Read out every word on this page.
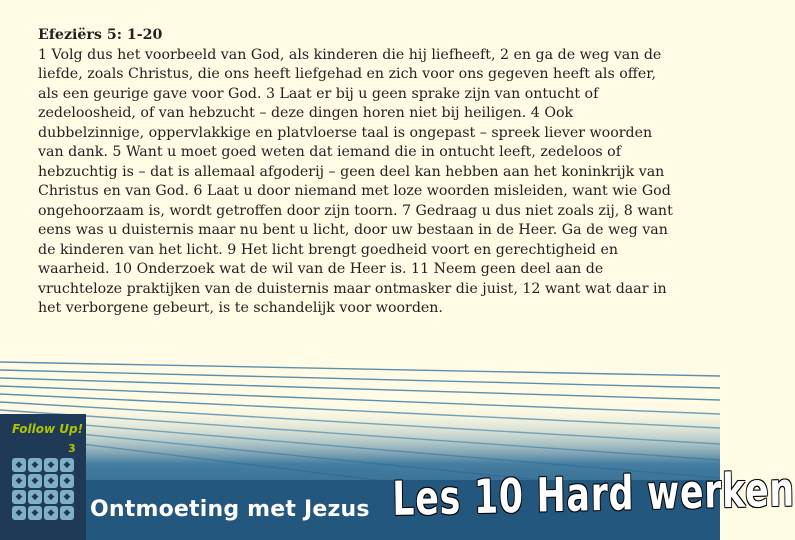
Efeziërs 5: 1-20

1 Volg dus het voorbeeld van God, als kinderen die hij liefheeft, 2 en ga de weg van de liefde, zoals Christus, die ons heeft liefgehad en zich voor ons gegeven heeft als offer, als een geurige gave voor God. 3 Laat er bij u geen sprake zijn van ontucht of zedeloosheid, of van hebzucht – deze dingen horen niet bij heiligen. 4 Ook dubbelzinnige, oppervlakkige en platvloerse taal is ongepast – spreek liever woorden van dank. 5 Want u moet goed weten dat iemand die in ontucht leeft, zedeloos of hebzuchtig is – dat is allemaal afgoderij – geen deel kan hebben aan het koninkrijk van Christus en van God. 6 Laat u door niemand met loze woorden misleiden, want wie God ongehoorzaam is, wordt getroffen door zijn toorn. 7 Gedraag u dus niet zoals zij, 8 want eens was u duisternis maar nu bent u licht, door uw bestaan in de Heer. Ga de weg van de kinderen van het licht. 9 Het licht brengt goedheid voort en gerechtigheid en waarheid. 10 Onderzoek wat de wil van de Heer is. 11 Neem geen deel aan de vruchteloze praktijken van de duisternis maar ontmasker die juist, 12 want wat daar in het verborgene gebeurt, is te schandelijk voor woorden.

Follow Up!
3
◆	◆	◆	◆
◆	◆	◆	◆
◆	◆	◆	◆
◆	◆	◆	◆ Ontmoeting met Jezus Les 10 Hard werken
